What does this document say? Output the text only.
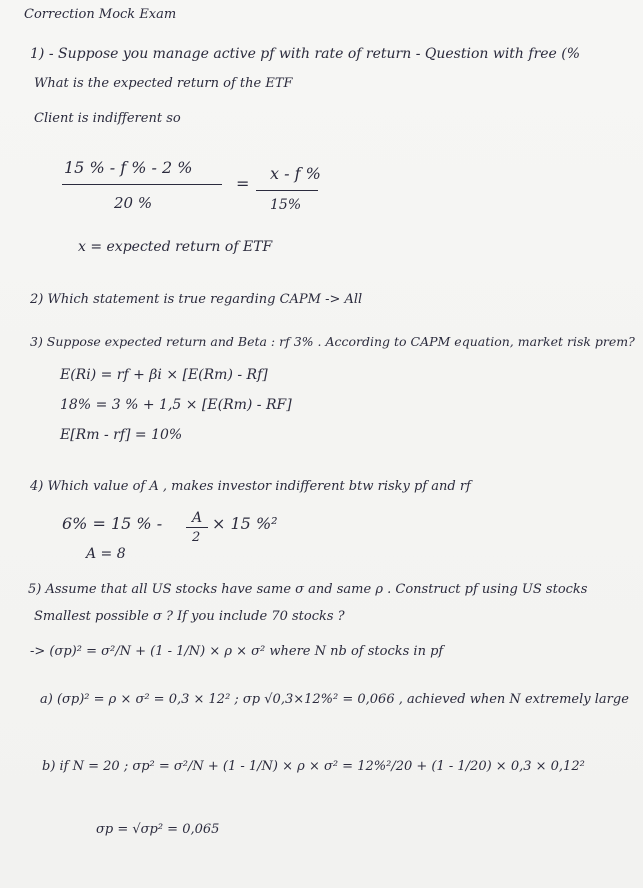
Correction Mock Exam
1) - Suppose you manage active pf with rate of return - Question with free (%
What is the expected return of the ETF
Client is indifferent so
15 % - f % - 2 %
20 %
=
x - f %
15%
x = expected return of ETF
2) Which statement is true regarding CAPM -> All
3) Suppose expected return and Beta : rf 3% . According to CAPM equation, market risk prem?
E(Ri) = rf + βi × [E(Rm) - Rf]
18% = 3 % + 1,5 × [E(Rm) - RF]
E[Rm - rf] = 10%
4) Which value of A , makes investor indifferent btw risky pf and rf
6% = 15 % - A
2
× 15 %²
A = 8
5) Assume that all US stocks have same σ and same ρ . Construct pf using US stocks
Smallest possible σ ? If you include 70 stocks ?
-> (σp)² = σ²/N + (1 - 1/N) × ρ × σ² where N nb of stocks in pf
a) (σp)² = ρ × σ² = 0,3 × 12² ; σp √0,3×12%² = 0,066 , achieved when N extremely large
b) if N = 20 ; σp² = σ²/N + (1 - 1/N) × ρ × σ² = 12%²/20 + (1 - 1/20) × 0,3 × 0,12²
σp = √σp² = 0,065
